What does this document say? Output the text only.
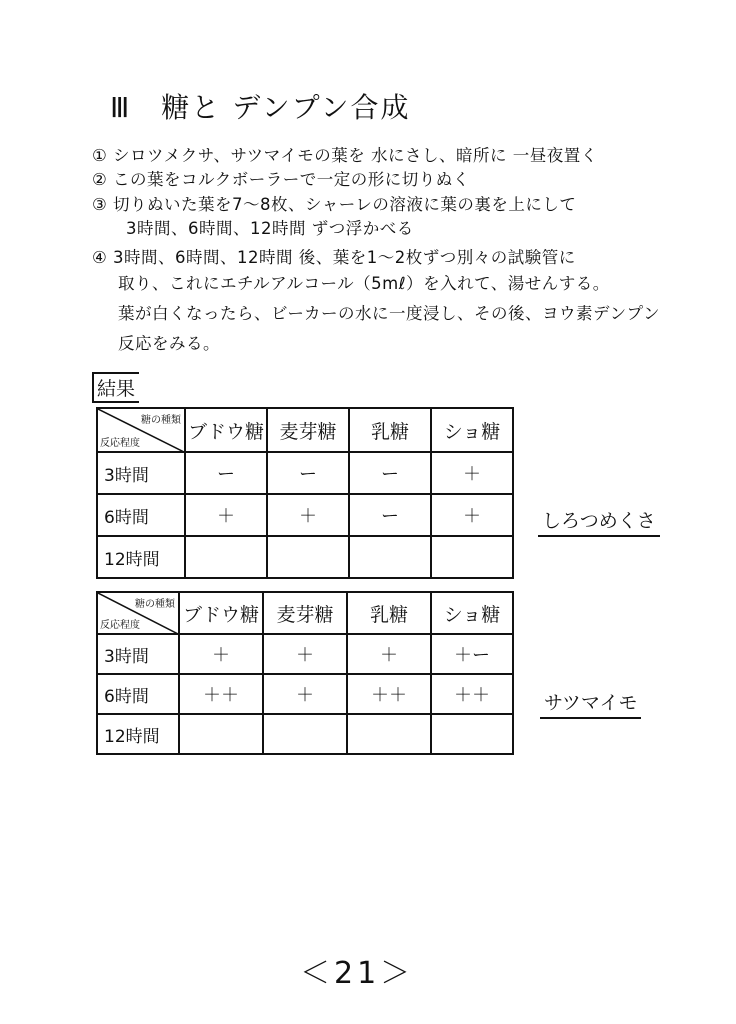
Ⅲ　糖と デンプン合成
① シロツメクサ、サツマイモの葉を 水にさし、暗所に 一昼夜置く
② この葉をコルクボーラーで一定の形に切りぬく
③ 切りぬいた葉を7～8枚、シャーレの溶液に葉の裏を上にして
3時間、6時間、12時間 ずつ浮かべる
④ 3時間、6時間、12時間 後、葉を1～2枚ずつ別々の試験管に
取り、これにエチルアルコール（5mℓ）を入れて、湯せんする。
葉が白くなったら、ビーカーの水に一度浸し、その後、ヨウ素デンプン
反応をみる。
結果
糖の種類
反応程度	ブドウ糖	麦芽糖	乳糖	ショ糖
3時間	ー	ー	ー	＋
6時間	＋	＋	ー	＋
12時間				
しろつめくさ
糖の種類
反応程度	ブドウ糖	麦芽糖	乳糖	ショ糖
3時間	＋	＋	＋	＋ー
6時間	＋＋	＋	＋＋	＋＋
12時間				
サツマイモ
＜21＞
